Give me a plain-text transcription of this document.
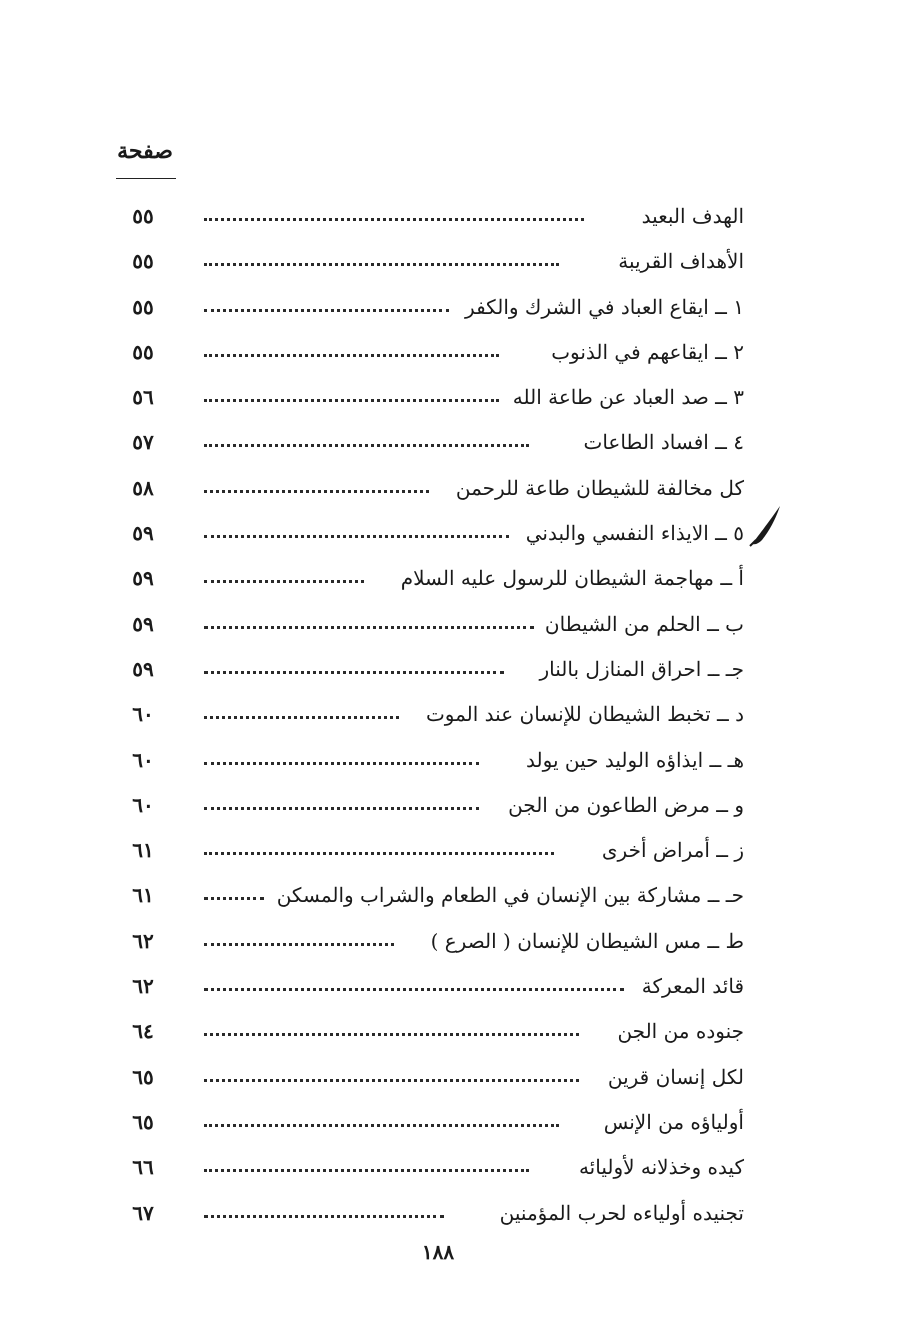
صفحة
الهدف البعيد
٥٥
الأهداف القريبة
٥٥
١ ــ ايقاع العباد في الشرك والكفر
٥٥
٢ ــ ايقاعهم في الذنوب
٥٥
٣ ــ صد العباد عن طاعة الله
٥٦
٤ ــ افساد الطاعات
٥٧
كل مخالفة للشيطان طاعة للرحمن
٥٨
٥ ــ الايذاء النفسي والبدني
٥٩
أ ــ مهاجمة الشيطان للرسول عليه السلام
٥٩
ب ــ الحلم من الشيطان
٥٩
جـ ــ احراق المنازل بالنار
٥٩
د ــ تخبط الشيطان للإنسان عند الموت
٦٠
هـ ــ ايذاؤه الوليد حين يولد
٦٠
و ــ مرض الطاعون من الجن
٦٠
ز ــ أمراض أخرى
٦١
حـ ــ مشاركة بين الإنسان في الطعام والشراب والمسكن
٦١
ط ــ مس الشيطان للإنسان ( الصرع )
٦٢
قائد المعركة
٦٢
جنوده من الجن
٦٤
لكل إنسان قرين
٦٥
أولياؤه من الإنس
٦٥
كيده وخذلانه لأوليائه
٦٦
تجنيده أولياءه لحرب المؤمنين
٦٧
١٨٨
